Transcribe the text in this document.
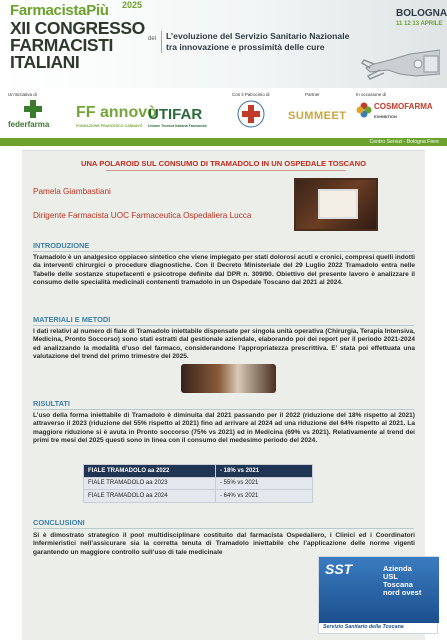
FarmacistaPiù 2025
XII CONGRESSO
FARMACISTI
ITALIANI
del L’evoluzione del Servizio Sanitario Nazionale tra innovazione e prossimità delle cure
BOLOGNA
11 12 13 APRILE
Un’iniziativa di
federfarma
FF annovò
FONDAZIONE FRANCESCO CANNAVÒ
UTIFAR
Unione Tecnica Italiana Farmacisti
Con il Patrocinio di	Partner
SUMMEET
In occasione di
COSMOFARMA
EXHIBITION
Centro Servizi - Bologna Fiere
UNA POLAROID SUL CONSUMO DI TRAMADOLO IN UN OSPEDALE TOSCANO
Pamela Giambastiani
Dirigente Farmacista UOC Farmaceutica Ospedaliera Lucca
INTRODUZIONE
Tramadolo è un analgesico oppiaceo sintetico che viene impiegato per stati dolorosi acuti e cronici, compresi quelli indotti da interventi chirurgici o procedure diagnostiche. Con il Decreto Ministeriale del 29 Luglio 2022 Tramadolo entra nelle Tabelle delle sostanze stupefacenti e psicotrope definite dal DPR n. 309/90. Obiettivo del presente lavoro è analizzare il consumo delle specialità medicinali contenenti tramadolo in un Ospedale Toscano dal 2021 al 2024.
MATERIALI E METODI
I dati relativi al numero di fiale di Tramadolo iniettabile dispensate per singola unità operativa (Chirurgia, Terapia Intensiva, Medicina, Pronto Soccorso) sono stati estratti dal gestionale aziendale, elaborando poi dei report per il periodo 2021-2024 ed analizzando la modalità d’uso del farmaco, considerandone l’appropriatezza prescrittiva. E’ stata poi effettuata una valutazione del trend del primo trimestre del 2025.
RISULTATI
L’uso della forma iniettabile di Tramadolo è diminuita dal 2021 passando per il 2022 (riduzione del 18% rispetto al 2021) attraverso il 2023 (riduzione del 55% rispetto al 2021) fino ad arrivare al 2024 ad una riduzione del 64% rispetto al 2021. La maggiore riduzione si è avuta in Pronto soccorso (75% vs 2021) ed in Medicina (69% vs 2021). Relativamente al trend dei primi tre mesi del 2025 questi sono in linea con il consumo del medesimo periodo del 2024.
FIALE TRAMADOLO aa 2022	- 18% vs 2021
FIALE TRAMADOLO aa 2023	- 55% vs 2021
FIALE TRAMADOLO aa 2024	- 64% vs 2021
CONCLUSIONI
Si è dimostrato strategico il pool multidisciplinare costituito dal farmacista Ospedaliero, i Clinici ed i Coordinatori Infermieristici nell’assicurare sia la corretta tenuta di Tramadolo iniettabile che l’applicazione delle norme vigenti garantendo un maggiore controllo sull’uso di tale medicinale
SST	Azienda
USL
Toscana
nord ovest
Servizio Sanitario della Toscana
